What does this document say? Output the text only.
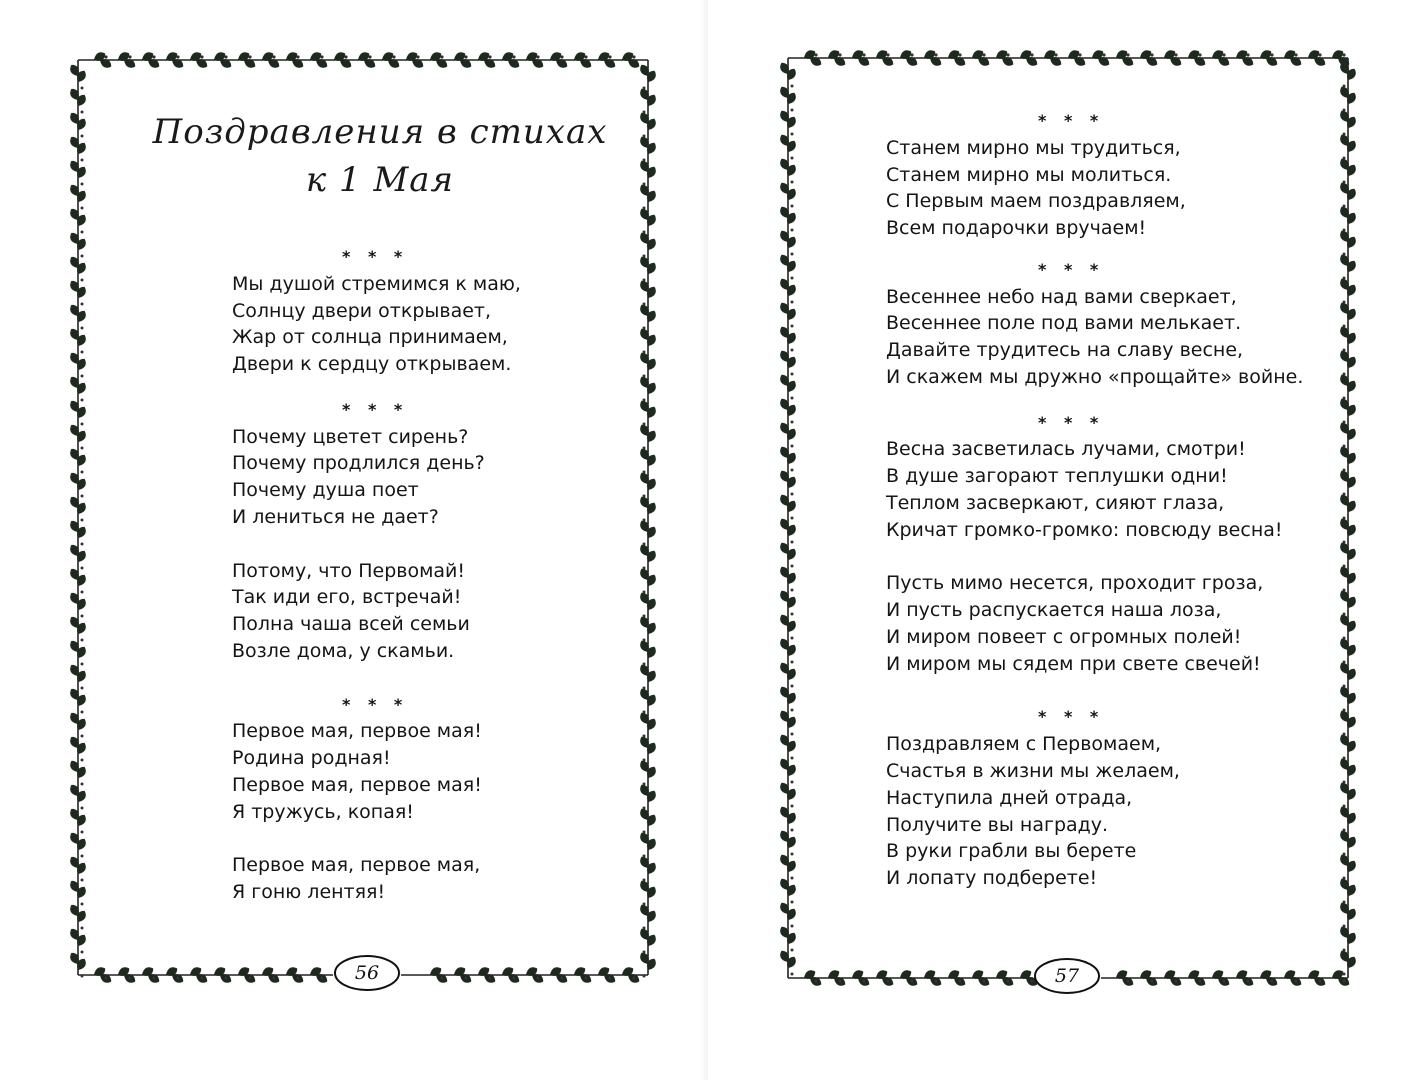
Поздравления в стихах
к 1 Мая
* * *
Мы душой стремимся к маю,
Солнцу двери открывает,
Жар от солнца принимаем,
Двери к сердцу открываем.
* * *
Почему цветет сирень?
Почему продлился день?
Почему душа поет
И лениться не дает?
Потому, что Первомай!
Так иди его, встречай!
Полна чаша всей семьи
Возле дома, у скамьи.
* * *
Первое мая, первое мая!
Родина родная!
Первое мая, первое мая!
Я тружусь, копая!
Первое мая, первое мая,
Я гоню лентяя!
56
* * *
Станем мирно мы трудиться,
Станем мирно мы молиться.
С Первым маем поздравляем,
Всем подарочки вручаем!
* * *
Весеннее небо над вами сверкает,
Весеннее поле под вами мелькает.
Давайте трудитесь на славу весне,
И скажем мы дружно «прощайте» войне.
* * *
Весна засветилась лучами, смотри!
В душе загорают теплушки одни!
Теплом засверкают, сияют глаза,
Кричат громко-громко: повсюду весна!
Пусть мимо несется, проходит гроза,
И пусть распускается наша лоза,
И миром повеет с огромных полей!
И миром мы сядем при свете свечей!
* * *
Поздравляем с Первомаем,
Счастья в жизни мы желаем,
Наступила дней отрада,
Получите вы награду.
В руки грабли вы берете
И лопату подберете!
57
